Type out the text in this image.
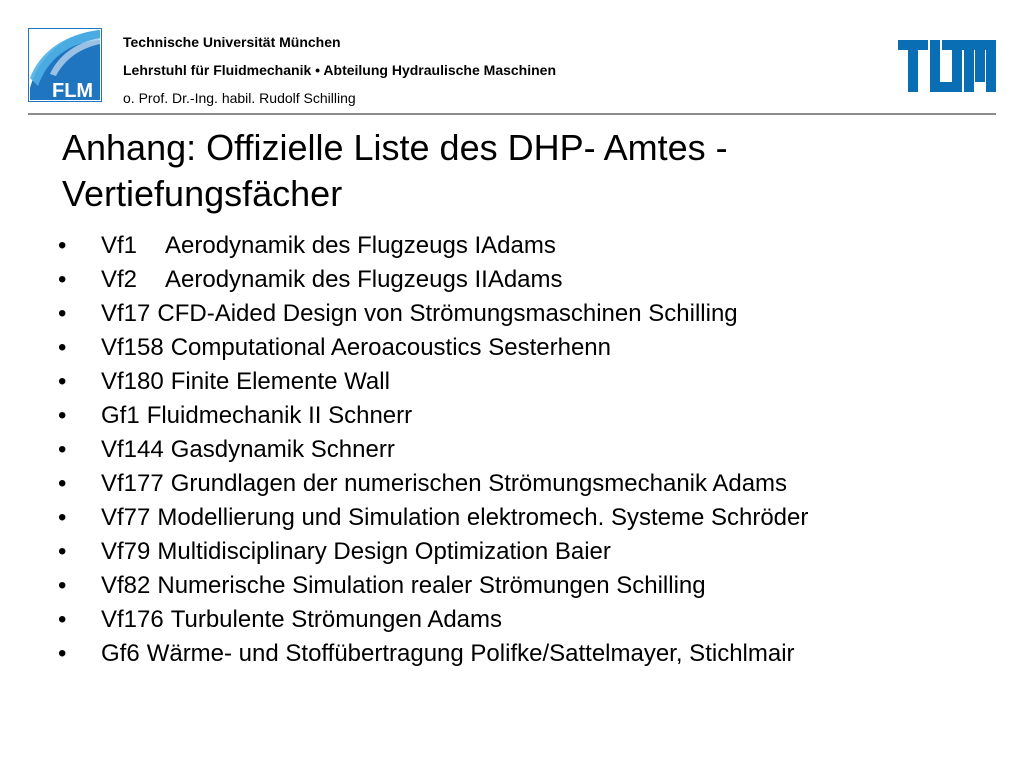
FLM
Technische Universität München
Lehrstuhl für Fluidmechanik • Abteilung Hydraulische Maschinen
o. Prof. Dr.-Ing. habil. Rudolf Schilling
Anhang: Offizielle Liste des DHP- Amtes -
Vertiefungsfächer
• Vf1 Aerodynamik des Flugzeugs IAdams
• Vf2 Aerodynamik des Flugzeugs IIAdams
• Vf17 CFD-Aided Design von Strömungsmaschinen Schilling
• Vf158 Computational Aeroacoustics Sesterhenn
• Vf180 Finite Elemente Wall
• Gf1 Fluidmechanik II Schnerr
• Vf144 Gasdynamik Schnerr
• Vf177 Grundlagen der numerischen Strömungsmechanik Adams
• Vf77 Modellierung und Simulation elektromech. Systeme Schröder
• Vf79 Multidisciplinary Design Optimization Baier
• Vf82 Numerische Simulation realer Strömungen Schilling
• Vf176 Turbulente Strömungen Adams
• Gf6 Wärme- und Stoffübertragung Polifke/Sattelmayer, Stichlmair
